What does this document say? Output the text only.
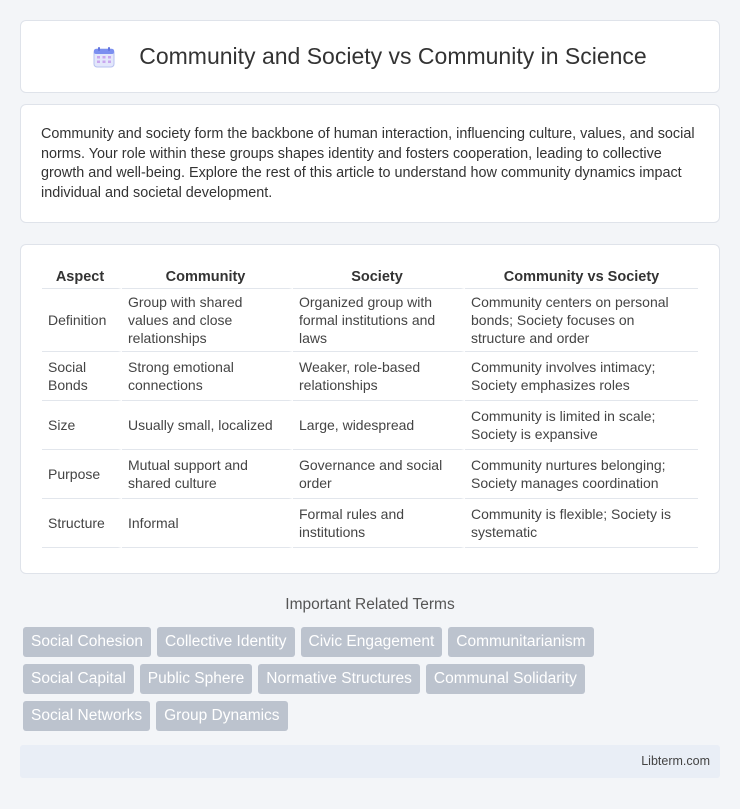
Community and Society vs Community in Science

Community and society form the backbone of human interaction, influencing culture, values, and social norms. Your role within these groups shapes identity and fosters cooperation, leading to collective growth and well-being. Explore the rest of this article to understand how community dynamics impact individual and societal development.

Aspect	Community	Society	Community vs Society
Definition	Group with shared values and close relationships	Organized group with formal institutions and laws	Community centers on personal bonds; Society focuses on structure and order
Social Bonds	Strong emotional connections	Weaker, role-based relationships	Community involves intimacy; Society emphasizes roles
Size	Usually small, localized	Large, widespread	Community is limited in scale; Society is expansive
Purpose	Mutual support and shared culture	Governance and social order	Community nurtures belonging; Society manages coordination
Structure	Informal	Formal rules and institutions	Community is flexible; Society is systematic
Important Related Terms
Social Cohesion	Collective Identity	Civic Engagement	Communitarianism
Social Capital	Public Sphere	Normative Structures	Communal Solidarity
Social Networks	Group Dynamics
Libterm.com
